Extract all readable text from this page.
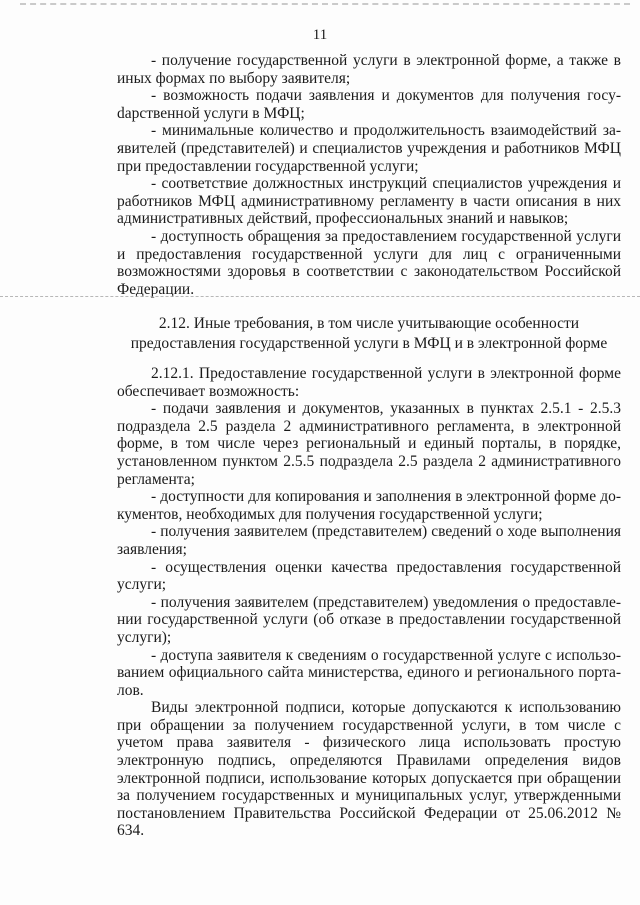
11

- получение государственной услуги в электронной форме, а также в иных формах по выбору заявителя;

- возможность подачи заявления и документов для получения госуdарственной услуги в МФЦ;

- минимальные количество и продолжительность взаимодействий заявителей (представителей) и специалистов учреждения и работников МФЦ при предоставлении государственной услуги;

- соответствие должностных инструкций специалистов учреждения и работников МФЦ административному регламенту в части описания в них административных действий, профессиональных знаний и навыков;

- доступность обращения за предоставлением государственной услуги и предоставления государственной услуги для лиц с ограниченными возможностями здоровья в соответствии с законодательством Российской Федерации.

2.12. Иные требования, в том числе учитывающие особенности
предоставления государственной услуги в МФЦ и в электронной форме

2.12.1. Предоставление государственной услуги в электронной форме обеспечивает возможность:

- подачи заявления и документов, указанных в пунктах 2.5.1 - 2.5.3 подраздела 2.5 раздела 2 административного регламента, в электронной форме, в том числе через региональный и единый порталы, в порядке, установленном пунктом 2.5.5 подраздела 2.5 раздела 2 административного регламента;

- доступности для копирования и заполнения в электронной форме документов, необходимых для получения государственной услуги;

- получения заявителем (представителем) сведений о ходе выполнения заявления;

- осуществления оценки качества предоставления государственной услуги;

- получения заявителем (представителем) уведомления о предоставлении государственной услуги (об отказе в предоставлении государственной услуги);

- доступа заявителя к сведениям о государственной услуге с использованием официального сайта министерства, единого и регионального порталов.

Виды электронной подписи, которые допускаются к использованию при обращении за получением государственной услуги, в том числе с учетом права заявителя - физического лица использовать простую электронную подпись, определяются Правилами определения видов электронной подписи, использование которых допускается при обращении за получением государственных и муниципальных услуг, утвержденными постановлением Правительства Российской Федерации от 25.06.2012 № 634.
